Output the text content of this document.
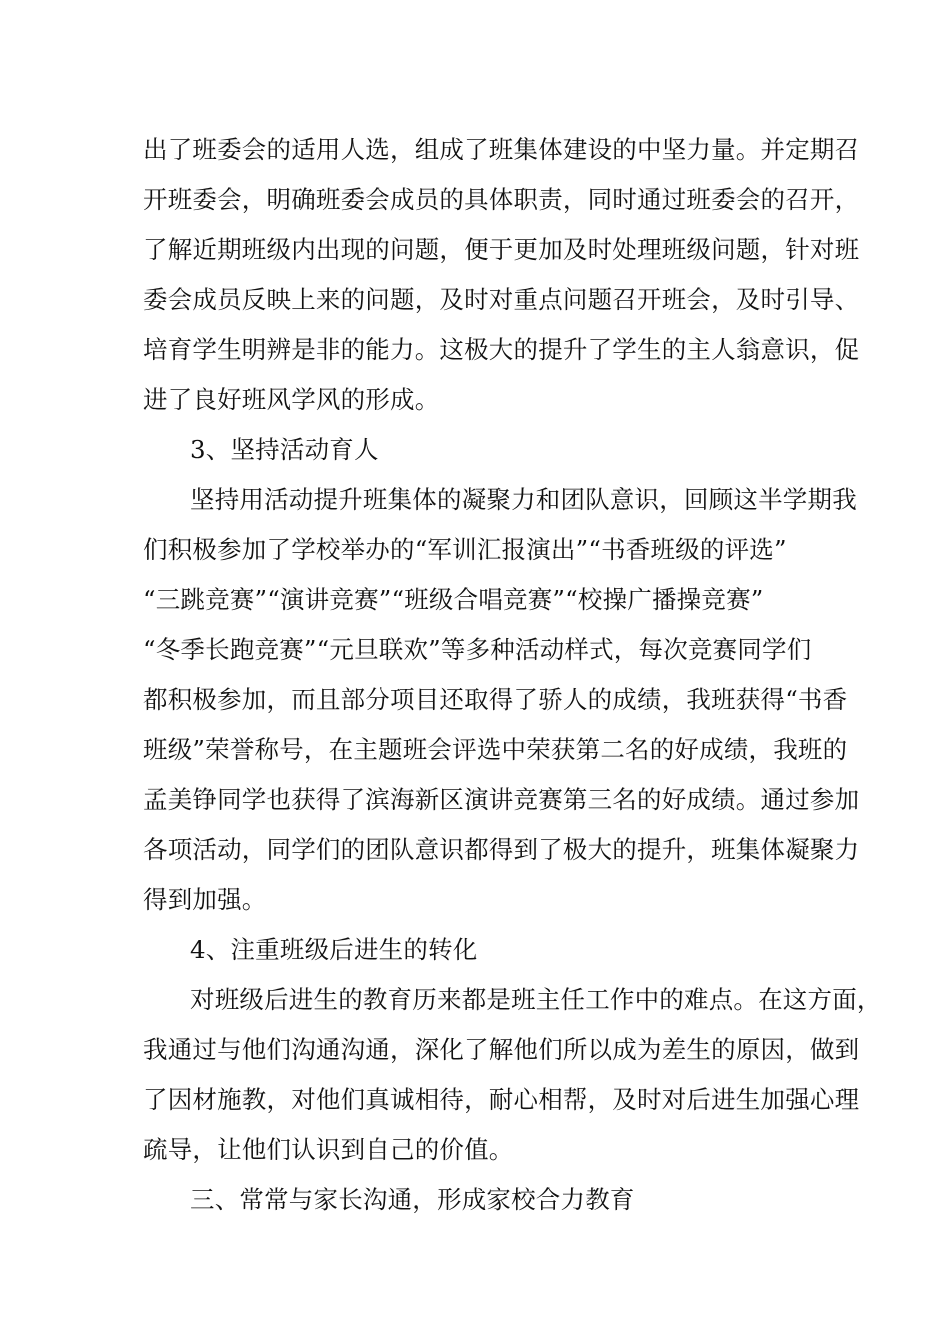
出了班委会的适用人选，组成了班集体建设的中坚力量。并定期召
开班委会，明确班委会成员的具体职责，同时通过班委会的召开，
了解近期班级内出现的问题，便于更加及时处理班级问题，针对班
委会成员反映上来的问题，及时对重点问题召开班会，及时引导、
培育学生明辨是非的能力。这极大的提升了学生的主人翁意识，促
进了良好班风学风的形成。
3、坚持活动育人
坚持用活动提升班集体的凝聚力和团队意识，回顾这半学期我
们积极参加了学校举办的“军训汇报演出”“书香班级的评选”
“三跳竞赛”“演讲竞赛”“班级合唱竞赛”“校操广播操竞赛”
“冬季长跑竞赛”“元旦联欢”等多种活动样式，每次竞赛同学们
都积极参加，而且部分项目还取得了骄人的成绩，我班获得“书香
班级”荣誉称号，在主题班会评选中荣获第二名的好成绩，我班的
孟美铮同学也获得了滨海新区演讲竞赛第三名的好成绩。通过参加
各项活动，同学们的团队意识都得到了极大的提升，班集体凝聚力
得到加强。
4、注重班级后进生的转化
对班级后进生的教育历来都是班主任工作中的难点。在这方面，
我通过与他们沟通沟通，深化了解他们所以成为差生的原因，做到
了因材施教，对他们真诚相待，耐心相帮，及时对后进生加强心理
疏导，让他们认识到自己的价值。
三、常常与家长沟通，形成家校合力教育
